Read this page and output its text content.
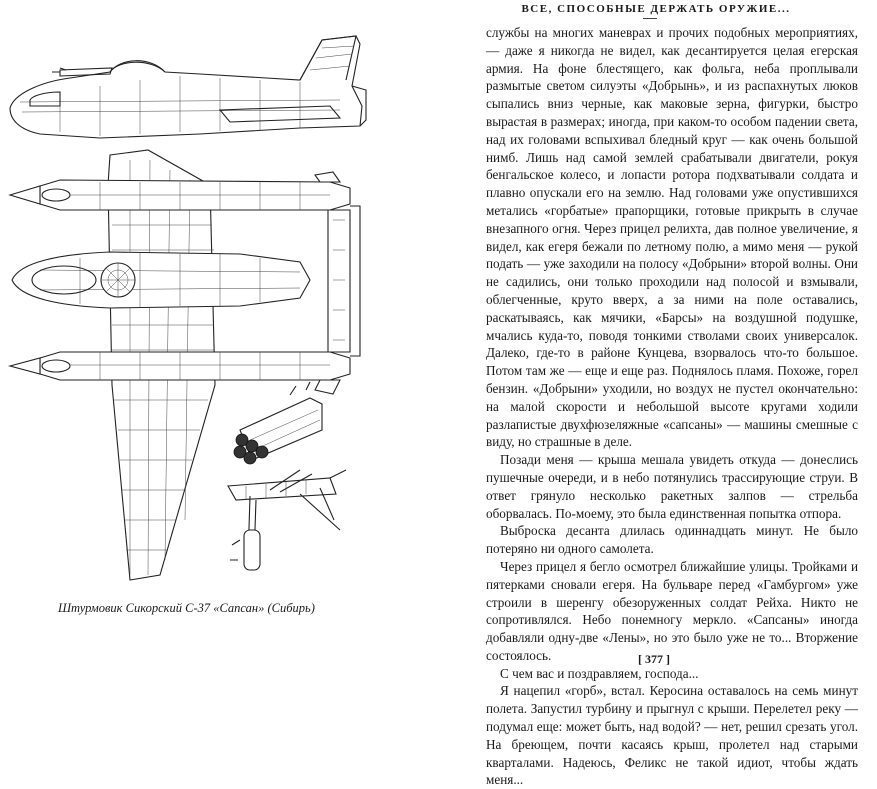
Штурмовик Сикорский С-37 «Сапсан» (Сибирь)
ВСЕ, СПОСОБНЫЕ ДЕРЖАТЬ ОРУЖИЕ...

службы на многих маневрах и прочих подобных мероприятиях, — даже я никогда не видел, как десантируется целая егерская армия. На фоне блестящего, как фольга, неба проплывали размытые светом силуэты «Добрынь», и из распахнутых люков сыпались вниз черные, как маковые зерна, фигурки, быстро вырастая в размерах; иногда, при каком-то особом падении света, над их головами вспыхивал бледный круг — как очень большой нимб. Лишь над самой землей срабатывали двигатели, рокуя бенгальское колесо, и лопасти ротора подхватывали солдата и плавно опускали его на землю. Над головами уже опустившихся метались «горбатые» прапорщики, готовые прикрыть в случае внезапного огня. Через прицел релихта, дав полное увеличение, я видел, как егеря бежали по летному полю, а мимо меня — рукой подать — уже заходили на полосу «Добрыни» второй волны. Они не садились, они только проходили над полосой и взмывали, облегченные, круто вверх, а за ними на поле оставались, раскатываясь, как мячики, «Барсы» на воздушной подушке, мчались куда-то, поводя тонкими стволами своих универсалок. Далеко, где-то в районе Кунцева, взорвалось что-то большое. Потом там же — еще и еще раз. Поднялось пламя. Похоже, горел бензин. «Добрыни» уходили, но воздух не пустел окончательно: на малой скорости и небольшой высоте кругами ходили разлапистые двухфюзеляжные «сапсаны» — машины смешные с виду, но страшные в деле.

Позади меня — крыша мешала увидеть откуда — донеслись пушечные очереди, и в небо потянулись трассирующие струи. В ответ грянуло несколько ракетных залпов — стрельба оборвалась. По-моему, это была единственная попытка отпора.

Выброска десанта длилась одиннадцать минут. Не было потеряно ни одного самолета.

Через прицел я бегло осмотрел ближайшие улицы. Тройками и пятерками сновали егеря. На бульваре перед «Гамбургом» уже строили в шеренгу обезоруженных солдат Рейха. Никто не сопротивлялся. Небо понемногу меркло. «Сапсаны» иногда добавляли одну-две «Лены», но это было уже не то... Вторжение состоялось.

С чем вас и поздравляем, господа...

Я нацепил «горб», встал. Керосина оставалось на семь минут полета. Запустил турбину и прыгнул с крыши. Перелетел реку — подумал еще: может быть, над водой? — нет, решил срезать угол. На бреющем, почти касаясь крыш, пролетел над старыми кварталами. Надеюсь, Феликс не такой идиот, чтобы ждать меня...

[ 377 ]
